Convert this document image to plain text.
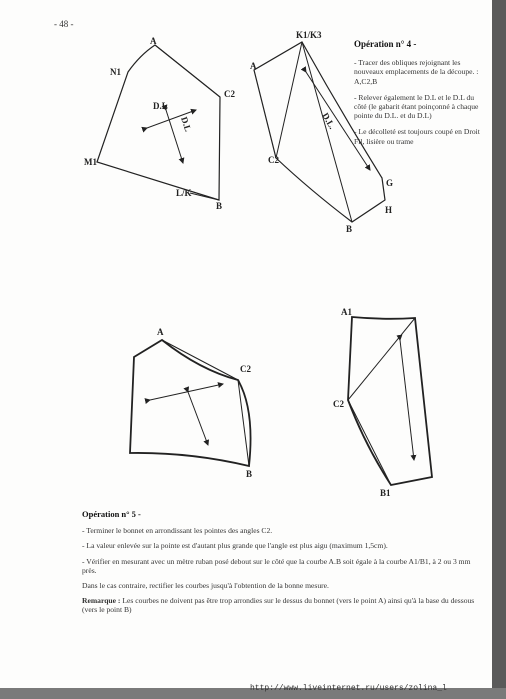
- 48 -
A
N1
C2
M1
L/K
B
D.L
D.L
K1/K3
A
C2
G
H
B
D.L.
A
C2
B
A1
C2
B1
Opération n° 4 -

- Tracer des obliques rejoignant les nouveaux emplacements de la découpe. : A,C2,B

- Relever également le D.L et le D.L du côté (le gabarit étant poinçonné à chaque pointe du D.L. et du D.L)

- Le décolleté est toujours coupé en Droit Fil, lisière ou trame

Opération n° 5 -

- Terminer le bonnet en arrondissant les pointes des angles C2.

- La valeur enlevée sur la pointe est d'autant plus grande que l'angle est plus aigu (maximum 1,5cm).

- Vérifier en mesurant avec un mètre ruban posé debout sur le côté que la courbe A.B soit égale à la courbe A1/B1, à 2 ou 3 mm près.

Dans le cas contraire, rectifier les courbes jusqu'à l'obtention de la bonne mesure.

Remarque : Les courbes ne doivent pas être trop arrondies sur le dessus du bonnet (vers le point A) ainsi qu'à la base du dessous (vers le point B)

http://www.liveinternet.ru/users/zolina_l
